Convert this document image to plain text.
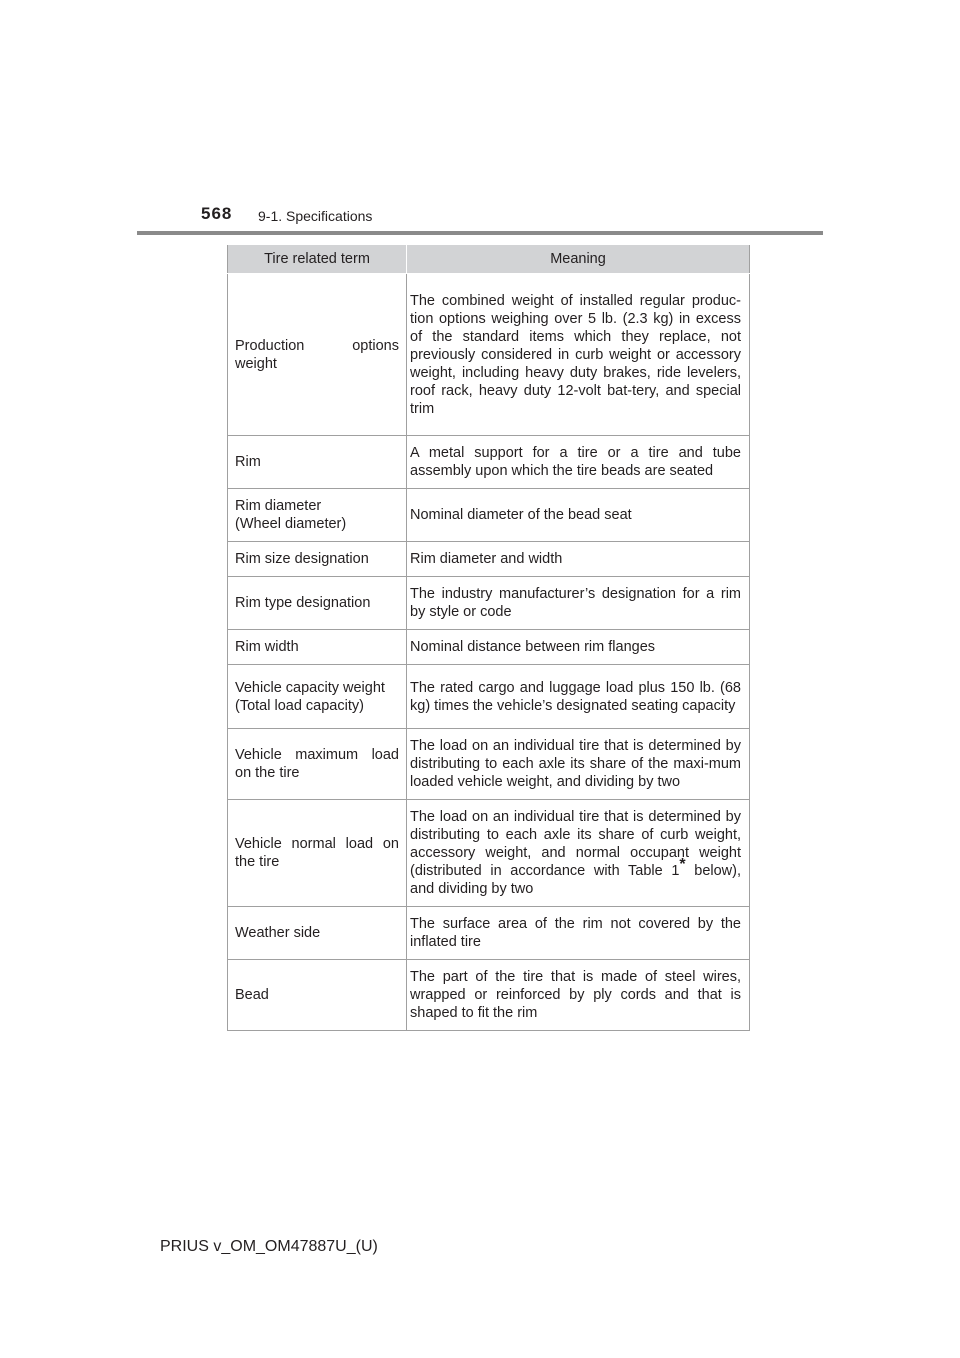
568 9-1. Specifications
Tire related term	Meaning
Production options weight	The combined weight of installed regular produc-tion options weighing over 5 lb. (2.3 kg) in excess of the standard items which they replace, not previously considered in curb weight or accessory weight, including heavy duty brakes, ride levelers, roof rack, heavy duty 12-volt bat-tery, and special trim
Rim	A metal support for a tire or a tire and tube assembly upon which the tire beads are seated

Rim diameter
(Wheel diameter)	Nominal diameter of the bead seat
Rim size designation	Rim diameter and width
Rim type designation	The industry manufacturer’s designation for a rim by style or code
Rim width	Nominal distance between rim flanges

Vehicle capacity weight
(Total load capacity)	The rated cargo and luggage load plus 150 lb. (68 kg) times the vehicle’s designated seating capacity
Vehicle maximum load on the tire	The load on an individual tire that is determined by distributing to each axle its share of the maxi-mum loaded vehicle weight, and dividing by two
Vehicle normal load on the tire	The load on an individual tire that is determined by distributing to each axle its share of curb weight, accessory weight, and normal occupant weight (distributed in accordance with Table 1* below), and dividing by two
Weather side	The surface area of the rim not covered by the inflated tire
Bead	The part of the tire that is made of steel wires, wrapped or reinforced by ply cords and that is shaped to fit the rim
PRIUS v_OM_OM47887U_(U)
